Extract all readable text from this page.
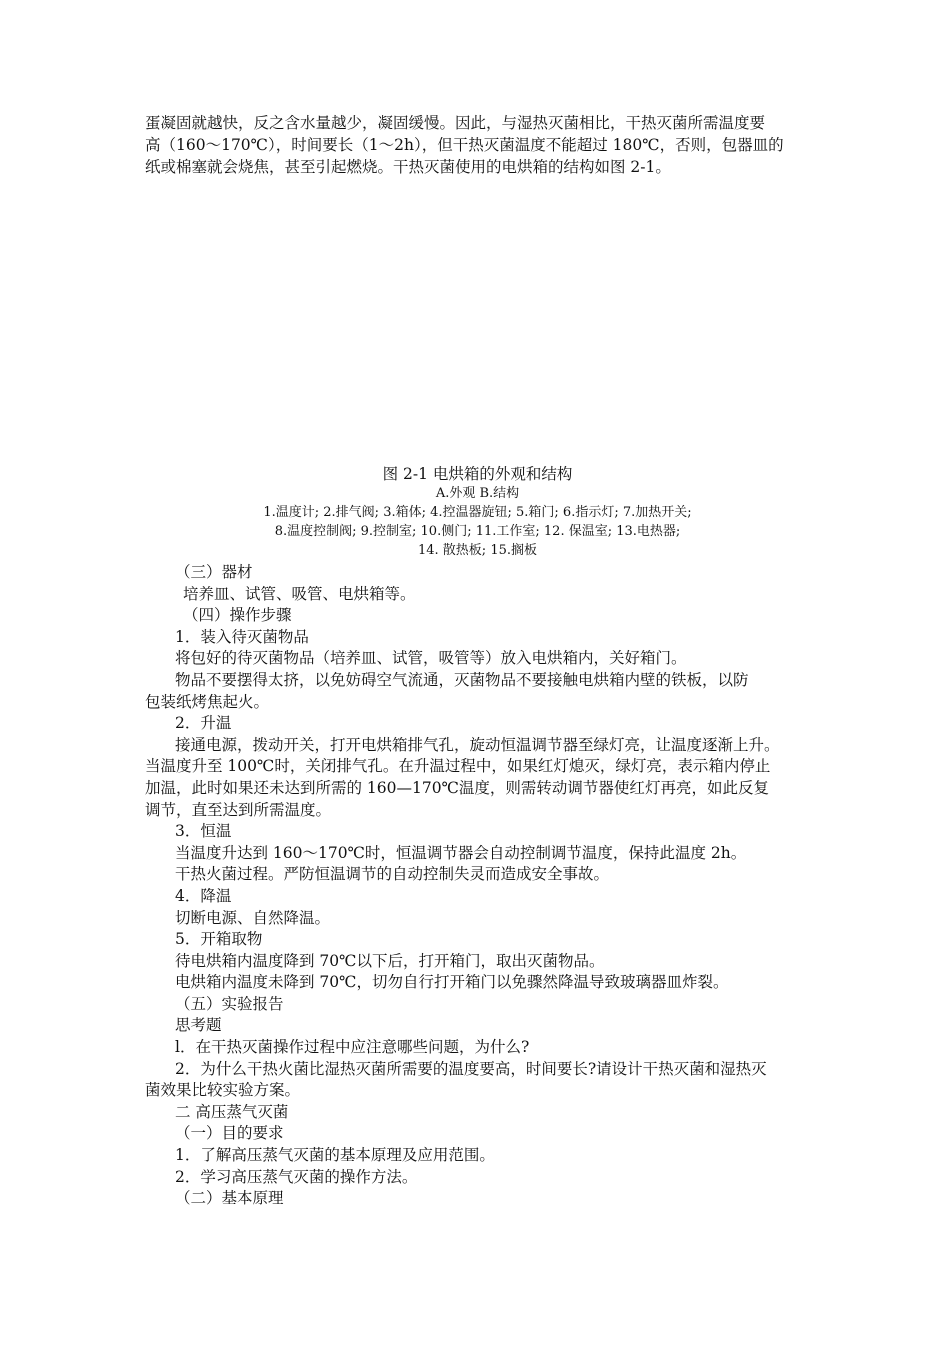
蛋凝固就越快，反之含水量越少，凝固缓慢。因此，与湿热灭菌相比，干热灭菌所需温度要
高（160～170℃），时间要长（1～2h），但干热灭菌温度不能超过 180℃，否则，包器皿的
纸或棉塞就会烧焦，甚至引起燃烧。干热灭菌使用的电烘箱的结构如图 2-1。

图 2-1 电烘箱的外观和结构

A.外观 B.结构

1.温度计; 2.排气阀; 3.箱体; 4.控温器旋钮; 5.箱门; 6.指示灯; 7.加热开关;

8.温度控制阀; 9.控制室; 10.侧门; 11.工作室; 12. 保温室; 13.电热器;

14. 散热板; 15.搁板

（三）器材

培养皿、试管、吸管、电烘箱等。

（四）操作步骤

1．装入待灭菌物品

将包好的待灭菌物品（培养皿、试管，吸管等）放入电烘箱内，关好箱门。

物品不要摆得太挤，以免妨碍空气流通，灭菌物品不要接触电烘箱内壁的铁板，以防

包装纸烤焦起火。

2．升温

接通电源，拨动开关，打开电烘箱排气孔，旋动恒温调节器至绿灯亮，让温度逐渐上升。

当温度升至 100℃时，关闭排气孔。在升温过程中，如果红灯熄灭，绿灯亮，表示箱内停止

加温，此时如果还未达到所需的 160—170℃温度，则需转动调节器使红灯再亮，如此反复

调节，直至达到所需温度。

3．恒温

当温度升达到 160～170℃时，恒温调节器会自动控制调节温度，保持此温度 2h。

干热火菌过程。严防恒温调节的自动控制失灵而造成安全事故。

4．降温

切断电源、自然降温。

5．开箱取物

待电烘箱内温度降到 70℃以下后，打开箱门，取出灭菌物品。

电烘箱内温度未降到 70℃，切勿自行打开箱门以免骤然降温导致玻璃器皿炸裂。

（五）实验报告

思考题

l．在干热灭菌操作过程中应注意哪些问题，为什么?

2．为什么干热火菌比湿热灭菌所需要的温度要高，时间要长?请设计干热灭菌和湿热灭

菌效果比较实验方案。

二 高压蒸气灭菌

（一）目的要求

1．了解高压蒸气灭菌的基本原理及应用范围。

2．学习高压蒸气灭菌的操作方法。

（二）基本原理
